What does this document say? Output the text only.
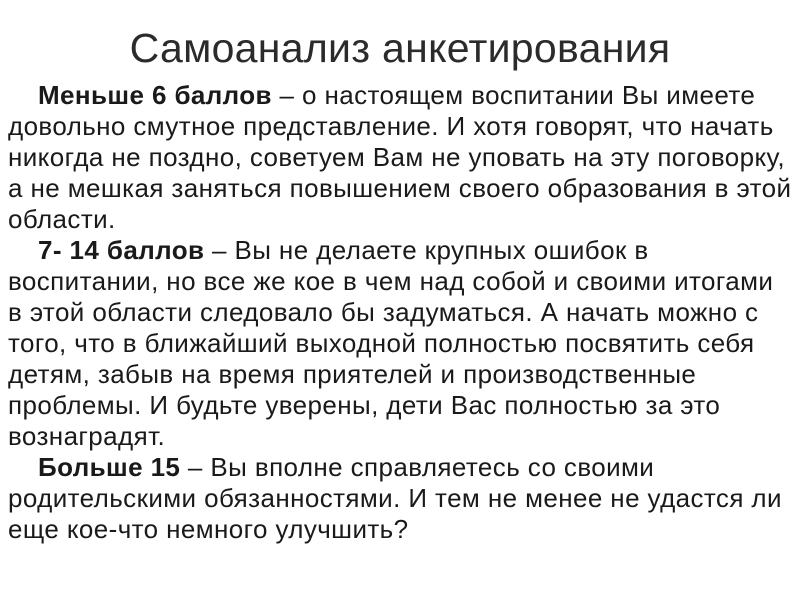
Самоанализ анкетирования

Меньше 6 баллов – о настоящем воспитании Вы имеете довольно смутное представление. И хотя говорят, что начать никогда не поздно, советуем Вам не уповать на эту поговорку, а не мешкая заняться повышением своего образования в этой области.

7- 14 баллов – Вы не делаете крупных ошибок в воспитании, но все же кое в чем над собой и своими итогами в этой области следовало бы задуматься. А начать можно с того, что в ближайший выходной полностью посвятить себя детям, забыв на время приятелей и производственные проблемы. И будьте уверены, дети Вас полностью за это вознаградят.

Больше 15 – Вы вполне справляетесь со своими родительскими обязанностями. И тем не менее не удастся ли еще кое-что немного улучшить?
